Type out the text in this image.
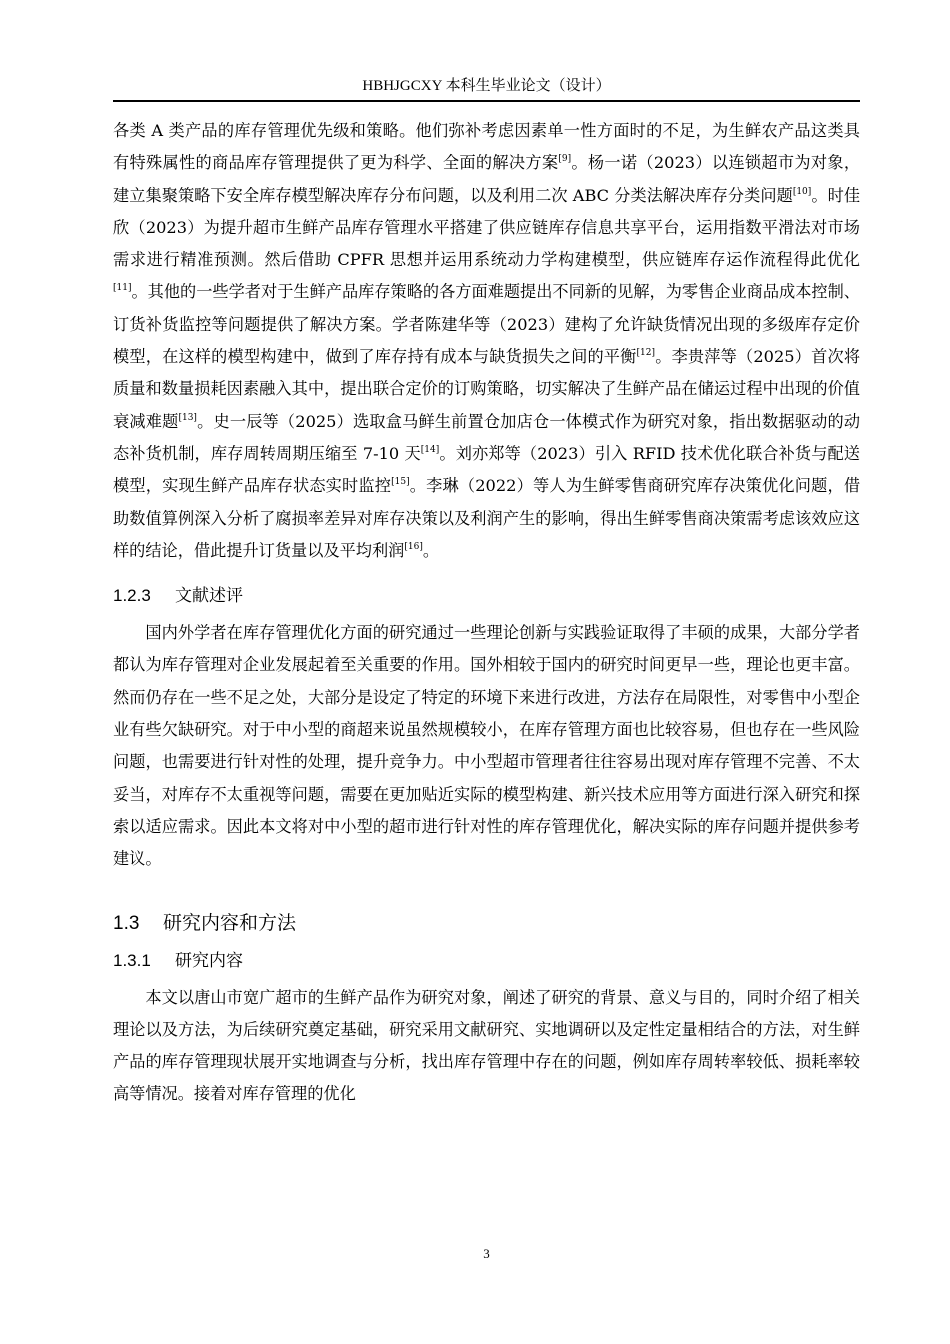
HBHJGCXY 本科生毕业论文（设计）

各类 A 类产品的库存管理优先级和策略。他们弥补考虑因素单一性方面时的不足，为生鲜农产品这类具有特殊属性的商品库存管理提供了更为科学、全面的解决方案[9]。杨一诺（2023）以连锁超市为对象，建立集聚策略下安全库存模型解决库存分布问题，以及利用二次 ABC 分类法解决库存分类问题[10]。时佳欣（2023）为提升超市生鲜产品库存管理水平搭建了供应链库存信息共享平台，运用指数平滑法对市场需求进行精准预测。然后借助 CPFR 思想并运用系统动力学构建模型，供应链库存运作流程得此优化[11]。其他的一些学者对于生鲜产品库存策略的各方面难题提出不同新的见解，为零售企业商品成本控制、订货补货监控等问题提供了解决方案。学者陈建华等（2023）建构了允许缺货情况出现的多级库存定价模型，在这样的模型构建中，做到了库存持有成本与缺货损失之间的平衡[12]。李贵萍等（2025）首次将质量和数量损耗因素融入其中，提出联合定价的订购策略，切实解决了生鲜产品在储运过程中出现的价值衰减难题[13]。史一辰等（2025）选取盒马鲜生前置仓加店仓一体模式作为研究对象，指出数据驱动的动态补货机制，库存周转周期压缩至 7-10 天[14]。刘亦郑等（2023）引入 RFID 技术优化联合补货与配送模型，实现生鲜产品库存状态实时监控[15]。李琳（2022）等人为生鲜零售商研究库存决策优化问题，借助数值算例深入分析了腐损率差异对库存决策以及利润产生的影响，得出生鲜零售商决策需考虑该效应这样的结论，借此提升订货量以及平均利润[16]。

1.2.3 文献述评

国内外学者在库存管理优化方面的研究通过一些理论创新与实践验证取得了丰硕的成果，大部分学者都认为库存管理对企业发展起着至关重要的作用。国外相较于国内的研究时间更早一些，理论也更丰富。然而仍存在一些不足之处，大部分是设定了特定的环境下来进行改进，方法存在局限性，对零售中小型企业有些欠缺研究。对于中小型的商超来说虽然规模较小，在库存管理方面也比较容易，但也存在一些风险问题，也需要进行针对性的处理，提升竞争力。中小型超市管理者往往容易出现对库存管理不完善、不太妥当，对库存不太重视等问题，需要在更加贴近实际的模型构建、新兴技术应用等方面进行深入研究和探索以适应需求。因此本文将对中小型的超市进行针对性的库存管理优化，解决实际的库存问题并提供参考建议。

1.3 研究内容和方法
1.3.1 研究内容

本文以唐山市宽广超市的生鲜产品作为研究对象，阐述了研究的背景、意义与目的，同时介绍了相关理论以及方法，为后续研究奠定基础，研究采用文献研究、实地调研以及定性定量相结合的方法，对生鲜产品的库存管理现状展开实地调查与分析，找出库存管理中存在的问题，例如库存周转率较低、损耗率较高等情况。接着对库存管理的优化

3
